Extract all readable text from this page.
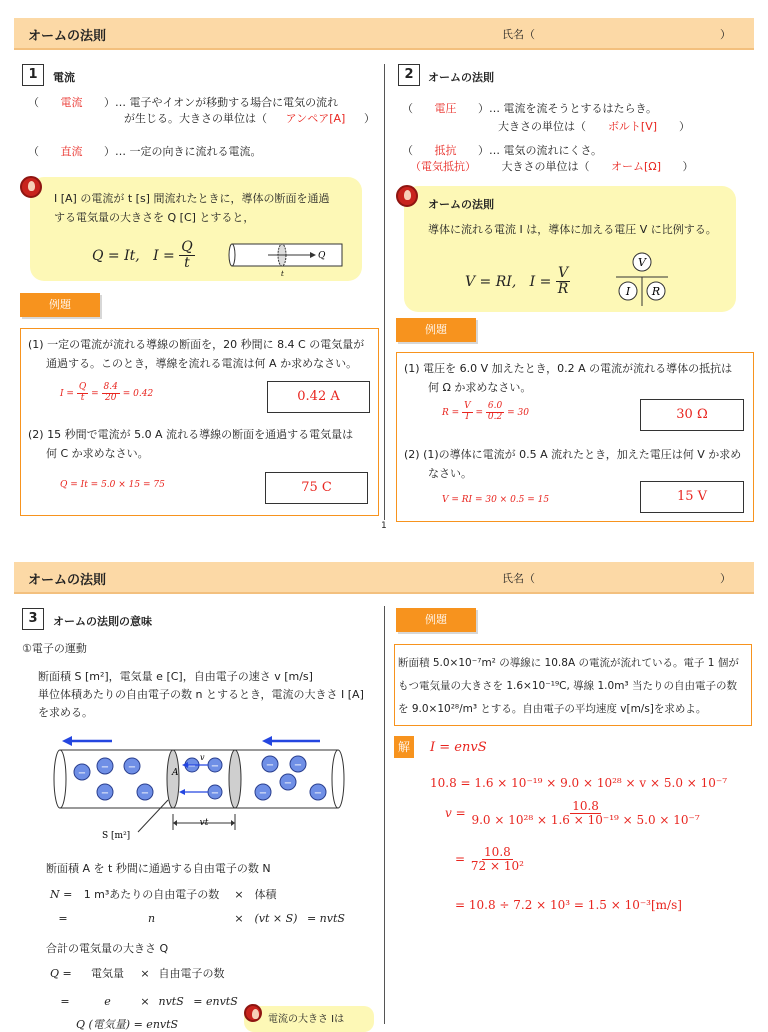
オームの法則	氏名（	）
1	電流
（ 電流 ）… 電子やイオンが移動する場合に電気の流れ
が生じる。大きさの単位は（ アンペア[A] ）
（ 直流 ）… 一定の向きに流れる電流。
I [A] の電流が t [s] 間流れたときに，導体の断面を通過
する電気量の大きさを Q [C] とすると，
Q = It, $I = \frac{Q}{t}$	Q
t
例題
(1) 一定の電流が流れる導線の断面を，20 秒間に 8.4 C の電気量が
通過する。このとき，導線を流れる電流は何 A か求めなさい。
$I = \frac{Q}{t} = \frac{8.4}{20} = 0.42$	0.42 A
(2) 15 秒間で電流が 5.0 A 流れる導線の断面を通過する電気量は
何 C か求めなさい。
Q = It = 5.0 × 15 = 75	75 C
2	オームの法則
（ 電圧 ）… 電流を流そうとするはたらき。
大きさの単位は（ ボルト[V] ）
（ 抵抗 ）… 電気の流れにくさ。
（電気抵抗） 大きさの単位は（ オーム[Ω] ）
オームの法則
導体に流れる電流 I は，導体に加える電圧 V に比例する。
V = RI, $I = \frac{V}{R}$
V
I R
例題
(1) 電圧を 6.0 V 加えたとき，0.2 A の電流が流れる導体の抵抗は
何 Ω か求めなさい。
$R = \frac{V}{I} = \frac{6.0}{0.2} = 30$	30 Ω
(2) (1)の導体に電流が 0.5 A 流れたとき，加えた電圧は何 V か求め
なさい。
V = RI = 30 × 0.5 = 15	15 V
1
オームの法則	氏名（	）
3	オームの法則の意味
①電子の運動
断面積 S [m²]，電気量 e [C]，自由電子の速さ v [m/s]
単位体積あたりの自由電子の数 n とするとき，電流の大きさ I [A]
を求める。
−
− −
−	−
− −
−
− −
−
−	−
v
A
vt
S [m²]
断面積 A を t 秒間に通過する自由電子の数 N
N = 1 m³あたりの自由電子の数 × 体積
=	n	× (vt × S) = nvtS
合計の電気量の大きさ Q
Q = 電気量 × 自由電子の数
=	e	× nvtS = envtS
Q (電気量) = envtS	電流の大きさ Iは
例題
断面積 5.0×10⁻⁷m² の導線に 10.8A の電流が流れている。電子 1 個が
もつ電気量の大きさを 1.6×10⁻¹⁹C, 導線 1.0m³ 当たりの自由電子の数
を 9.0×10²⁸/m³ とする。自由電子の平均速度 v[m/s]を求めよ。
解	I = envS
10.8 = 1.6 × 10⁻¹⁹ × 9.0 × 10²⁸ × v × 5.0 × 10⁻⁷
$v = \frac{10.8}{\text{9.0 × 10²⁸ × 1.6 × 10⁻¹⁹ × 5.0 × 10⁻⁷}}$
= $\frac{10.8}{\text{72 × 10²}}$
= 10.8 ÷ 7.2 × 10³ = 1.5 × 10⁻³[m/s]
